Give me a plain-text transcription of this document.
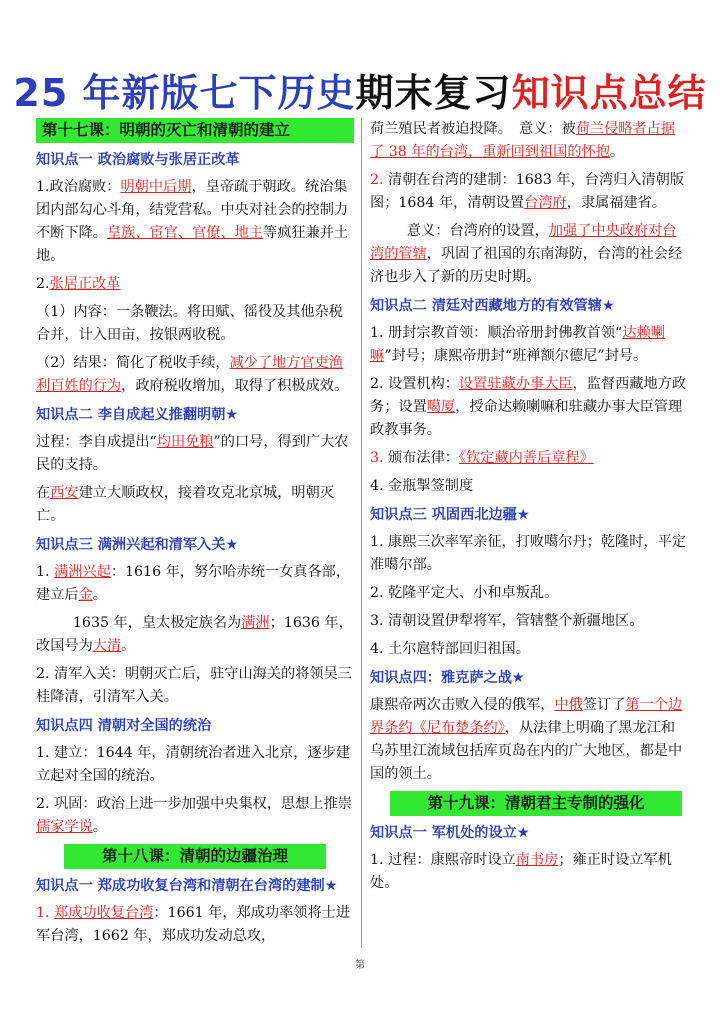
25 年新版七下历史期末复习知识点总结
第十七课：明朝的灭亡和清朝的建立
知识点一 政治腐败与张居正改革

1.政治腐败：明朝中后期，皇帝疏于朝政。统治集团内部勾心斗角，结党营私。中央对社会的控制力不断下降。皇族、宦官、官僚、地主等疯狂兼并土地。

2.张居正改革

（1）内容：一条鞭法。将田赋、徭役及其他杂税合并，计入田亩，按银两收税。

（2）结果：简化了税收手续，减少了地方官吏渔利百姓的行为，政府税收增加，取得了积极成效。

知识点二 李自成起义推翻明朝★

过程：李自成提出“均田免粮”的口号，得到广大农民的支持。

在西安建立大顺政权，接着攻克北京城，明朝灭亡。

知识点三 满洲兴起和清军入关★

1. 满洲兴起：1616 年，努尔哈赤统一女真各部，建立后金。

1635 年，皇太极定族名为满洲；1636 年，改国号为大清。

2. 清军入关：明朝灭亡后，驻守山海关的将领吴三桂降清，引清军入关。

知识点四 清朝对全国的统治

1. 建立：1644 年，清朝统治者进入北京，逐步建立起对全国的统治。

2. 巩固：政治上进一步加强中央集权，思想上推崇儒家学说。

第十八课：清朝的边疆治理
知识点一 郑成功收复台湾和清朝在台湾的建制★

1. 郑成功收复台湾：1661 年，郑成功率领将士进军台湾，1662 年，郑成功发动总攻，

荷兰殖民者被迫投降。　意义：被荷兰侵略者占据了 38 年的台湾，重新回到祖国的怀抱。

2. 清朝在台湾的建制：1683 年，台湾归入清朝版图；1684 年，清朝设置台湾府，隶属福建省。

意义：台湾府的设置，加强了中央政府对台湾的管辖，巩固了祖国的东南海防，台湾的社会经济也步入了新的历史时期。

知识点二 清廷对西藏地方的有效管辖★

1. 册封宗教首领：顺治帝册封佛教首领“达赖喇嘛”封号；康熙帝册封“班禅额尔德尼”封号。

2. 设置机构：设置驻藏办事大臣，监督西藏地方政务；设置噶厦，授命达赖喇嘛和驻藏办事大臣管理政教事务。

3. 颁布法律：《钦定藏内善后章程》

4. 金瓶掣签制度

知识点三 巩固西北边疆★

1. 康熙三次率军亲征，打败噶尔丹；乾隆时，平定准噶尔部。

2. 乾隆平定大、小和卓叛乱。

3. 清朝设置伊犁将军，管辖整个新疆地区。

4. 土尔扈特部回归祖国。

知识点四：雅克萨之战★

康熙帝两次击败入侵的俄军，中俄签订了第一个边界条约《尼布楚条约》，从法律上明确了黑龙江和乌苏里江流域包括库页岛在内的广大地区，都是中国的领土。

第十九课：清朝君主专制的强化
知识点一 军机处的设立★

1. 过程：康熙帝时设立南书房；雍正时设立军机处。

第
